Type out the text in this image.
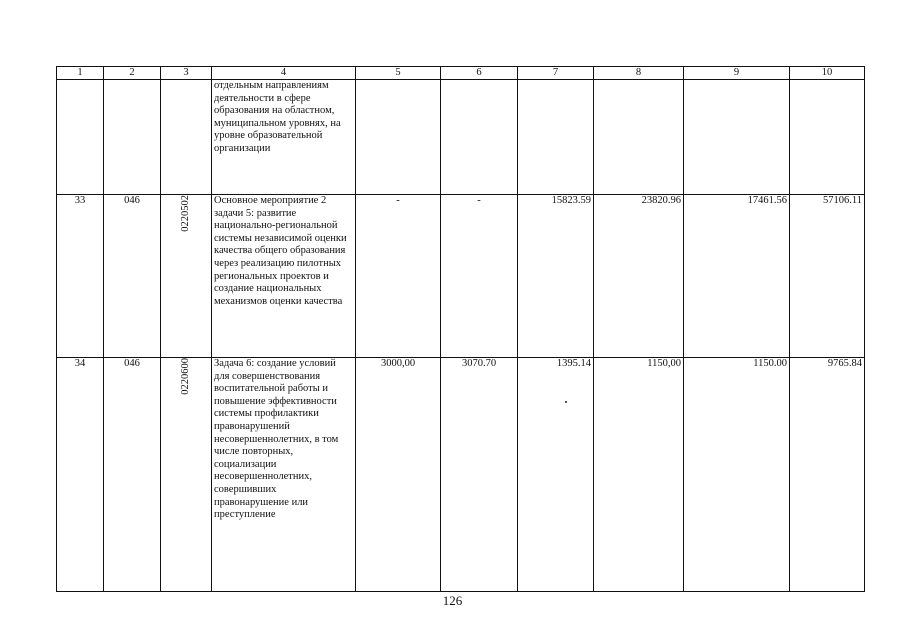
1	2	3	4	5	6	7	8	9	10
			отдельным направлениям деятельности в сфере образования на областном, муниципальном уровнях, на уровне образовательной организации						
33	046	0220502	Основное мероприятие 2 задачи 5: развитие национально-региональной системы независимой оценки качества общего образования через реализацию пилотных региональных проектов и создание национальных механизмов оценки качества	-	-	15823.59	23820.96	17461.56	57106.11
34	046	0220600	Задача 6: создание условий для совершенствования воспитательной работы и повышение эффективности системы профилактики правонарушений несовершеннолетних, в том числе повторных, социализации несовершеннолетних, совершивших правонарушение или преступление	3000,00	3070.70	1395.14	1150,00	1150.00	9765.84
126
